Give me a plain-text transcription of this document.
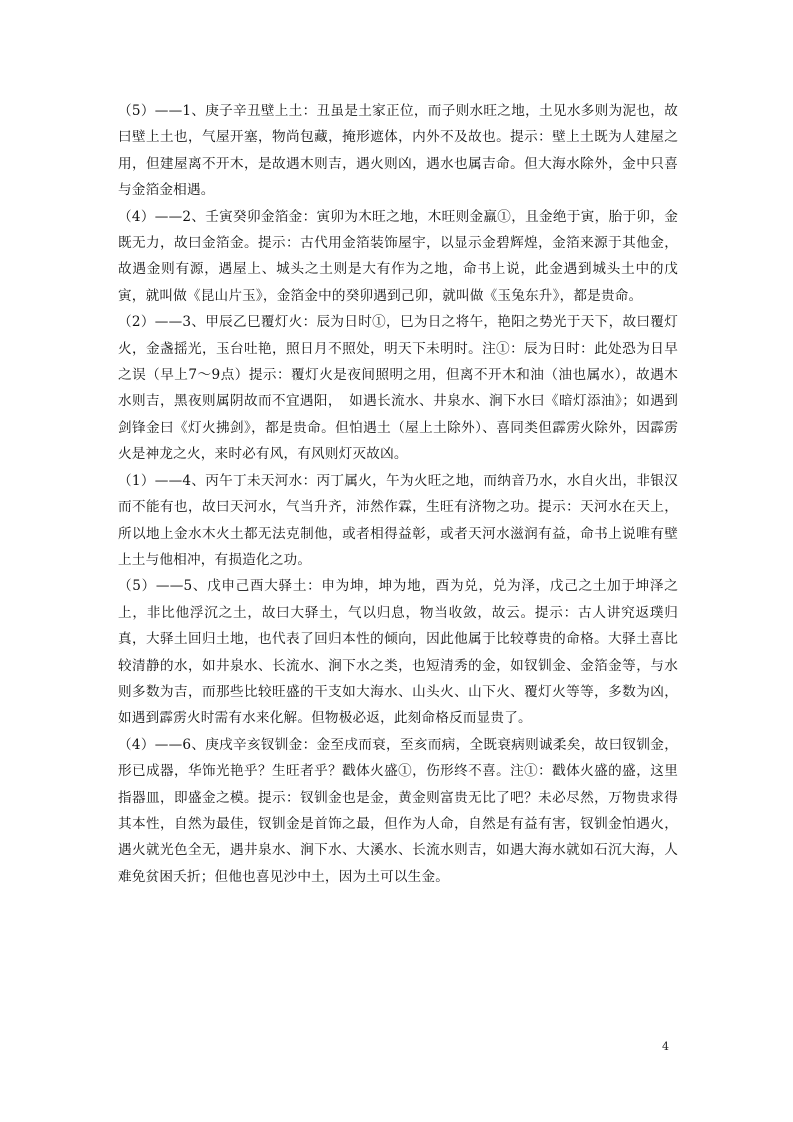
（5）——1、庚子辛丑壁上土：丑虽是土家正位，而子则水旺之地，土见水多则为泥也，故曰壁上土也，气屋开塞，物尚包藏，掩形遮体，内外不及故也。提示：壁上土既为人建屋之用，但建屋离不开木，是故遇木则吉，遇火则凶，遇水也属吉命。但大海水除外，金中只喜与金箔金相遇。

（4）——2、壬寅癸卯金箔金：寅卯为木旺之地，木旺则金羸①，且金绝于寅，胎于卯，金既无力，故曰金箔金。提示：古代用金箔装饰屋宇，以显示金碧辉煌，金箔来源于其他金，故遇金则有源，遇屋上、城头之土则是大有作为之地，命书上说，此金遇到城头土中的戊寅，就叫做《昆山片玉》，金箔金中的癸卯遇到己卯，就叫做《玉兔东升》，都是贵命。

（2）——3、甲辰乙巳覆灯火：辰为日时①，巳为日之将午，艳阳之势光于天下，故曰覆灯火，金盏摇光，玉台吐艳，照日月不照处，明天下未明时。注①：辰为日时：此处恐为日早之误（早上7～9点）提示：覆灯火是夜间照明之用，但离不开木和油（油也属水），故遇木水则吉，黑夜则属阴故而不宜遇阳，　如遇长流水、井泉水、涧下水曰《暗灯添油》；如遇到剑锋金曰《灯火拂剑》，都是贵命。但怕遇土（屋上土除外）、喜同类但霹雳火除外，因霹雳火是神龙之火，来时必有风，有风则灯灭故凶。

（1）——4、丙午丁未天河水：丙丁属火，午为火旺之地，而纳音乃水，水自火出，非银汉而不能有也，故曰天河水，气当升齐，沛然作霖，生旺有济物之功。提示：天河水在天上，所以地上金水木火土都无法克制他，或者相得益彰，或者天河水滋润有益，命书上说唯有壁上土与他相冲，有损造化之功。

（5）——5、戊申己酉大驿土：申为坤，坤为地，酉为兑，兑为泽，戊己之土加于坤泽之上，非比他浮沉之土，故曰大驿土，气以归息，物当收敛，故云。提示：古人讲究返璞归真，大驿土回归土地，也代表了回归本性的倾向，因此他属于比较尊贵的命格。大驿土喜比较清静的水，如井泉水、长流水、涧下水之类，也短清秀的金，如钗钏金、金箔金等，与水则多数为吉，而那些比较旺盛的干支如大海水、山头火、山下火、覆灯火等等，多数为凶，如遇到霹雳火时需有水来化解。但物极必返，此刻命格反而显贵了。

（4）——6、庚戌辛亥钗钏金：金至戌而衰，至亥而病，全既衰病则诚柔矣，故曰钗钏金，形已成器，华饰光艳乎？生旺者乎？戳体火盛①，伤形终不喜。注①：戳体火盛的盛，这里指器皿，即盛金之模。提示：钗钏金也是金，黄金则富贵无比了吧？未必尽然，万物贵求得其本性，自然为最佳，钗钏金是首饰之最，但作为人命，自然是有益有害，钗钏金怕遇火，遇火就光色全无，遇井泉水、涧下水、大溪水、长流水则吉，如遇大海水就如石沉大海，人难免贫困夭折；但他也喜见沙中土，因为土可以生金。

4
